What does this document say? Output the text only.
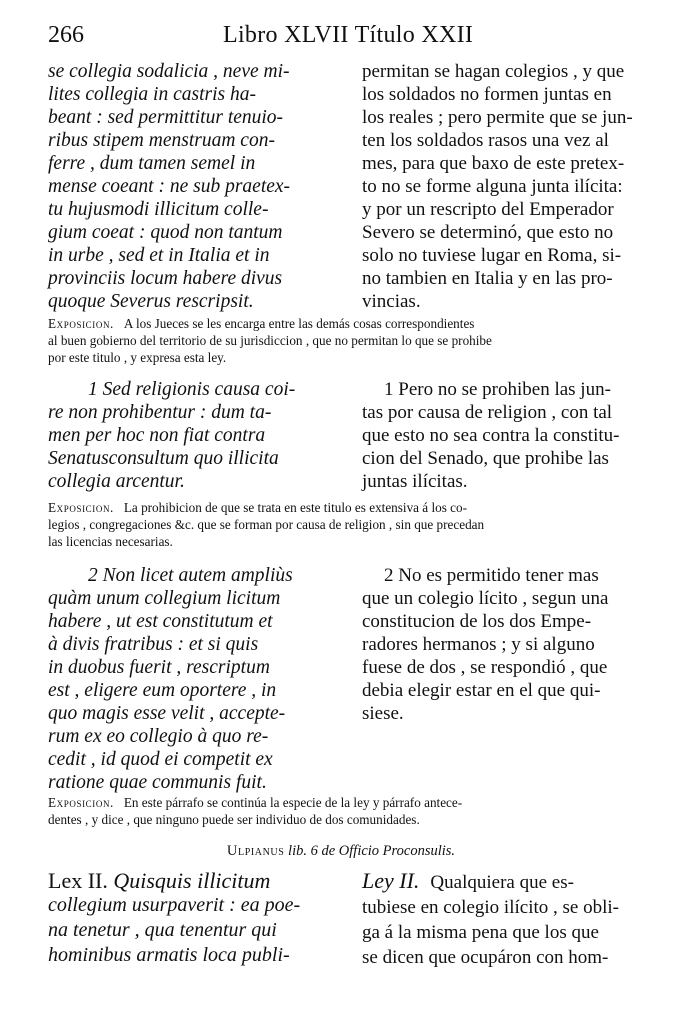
266	Libro XLVII Título XXII
se collegia sodalicia , neve mi-
lites collegia in castris ha-
beant : sed permittitur tenuio-
ribus stipem menstruam con-
ferre , dum tamen semel in
mense coeant : ne sub praetex-
tu hujusmodi illicitum colle-
gium coeat : quod non tantum
in urbe , sed et in Italia et in
provinciis locum habere divus
quoque Severus rescripsit.
permitan se hagan colegios , y que
los soldados no formen juntas en
los reales ; pero permite que se jun-
ten los soldados rasos una vez al
mes, para que baxo de este pretex-
to no se forme alguna junta ilícita:
y por un rescripto del Emperador
Severo se determinó, que esto no
solo no tuviese lugar en Roma, si-
no tambien en Italia y en las pro-
vincias.
Exposicion. A los Jueces se les encarga entre las demás cosas correspondientes
al buen gobierno del territorio de su jurisdiccion , que no permitan lo que se prohibe
por este titulo , y expresa esta ley.
1 Sed religionis causa coi-
re non prohibentur : dum ta-
men per hoc non fiat contra
Senatusconsultum quo illicita
collegia arcentur.
1 Pero no se prohiben las jun-
tas por causa de religion , con tal
que esto no sea contra la constitu-
cion del Senado, que prohibe las
juntas ilícitas.
Exposicion. La prohibicion de que se trata en este titulo es extensiva á los co-
legios , congregaciones &c. que se forman por causa de religion , sin que precedan
las licencias necesarias.
2 Non licet autem ampliùs
quàm unum collegium licitum
habere , ut est constitutum et
à divis fratribus : et si quis
in duobus fuerit , rescriptum
est , eligere eum oportere , in
quo magis esse velit , accepte-
rum ex eo collegio à quo re-
cedit , id quod ei competit ex
ratione quae communis fuit.
2 No es permitido tener mas
que un colegio lícito , segun una
constitucion de los dos Empe-
radores hermanos ; y si alguno
fuese de dos , se respondió , que
debia elegir estar en el que qui-
siese.
Exposicion. En este párrafo se continúa la especie de la ley y párrafo antece-
dentes , y dice , que ninguno puede ser individuo de dos comunidades.
Ulpianus lib. 6 de Officio Proconsulis.
Lex II. Quisquis illicitum
collegium usurpaverit : ea poe-
na tenetur , qua tenentur qui
hominibus armatis loca publi-
Ley II. Qualquiera que es-
tubiese en colegio ilícito , se obli-
ga á la misma pena que los que
se dicen que ocupáron con hom-
